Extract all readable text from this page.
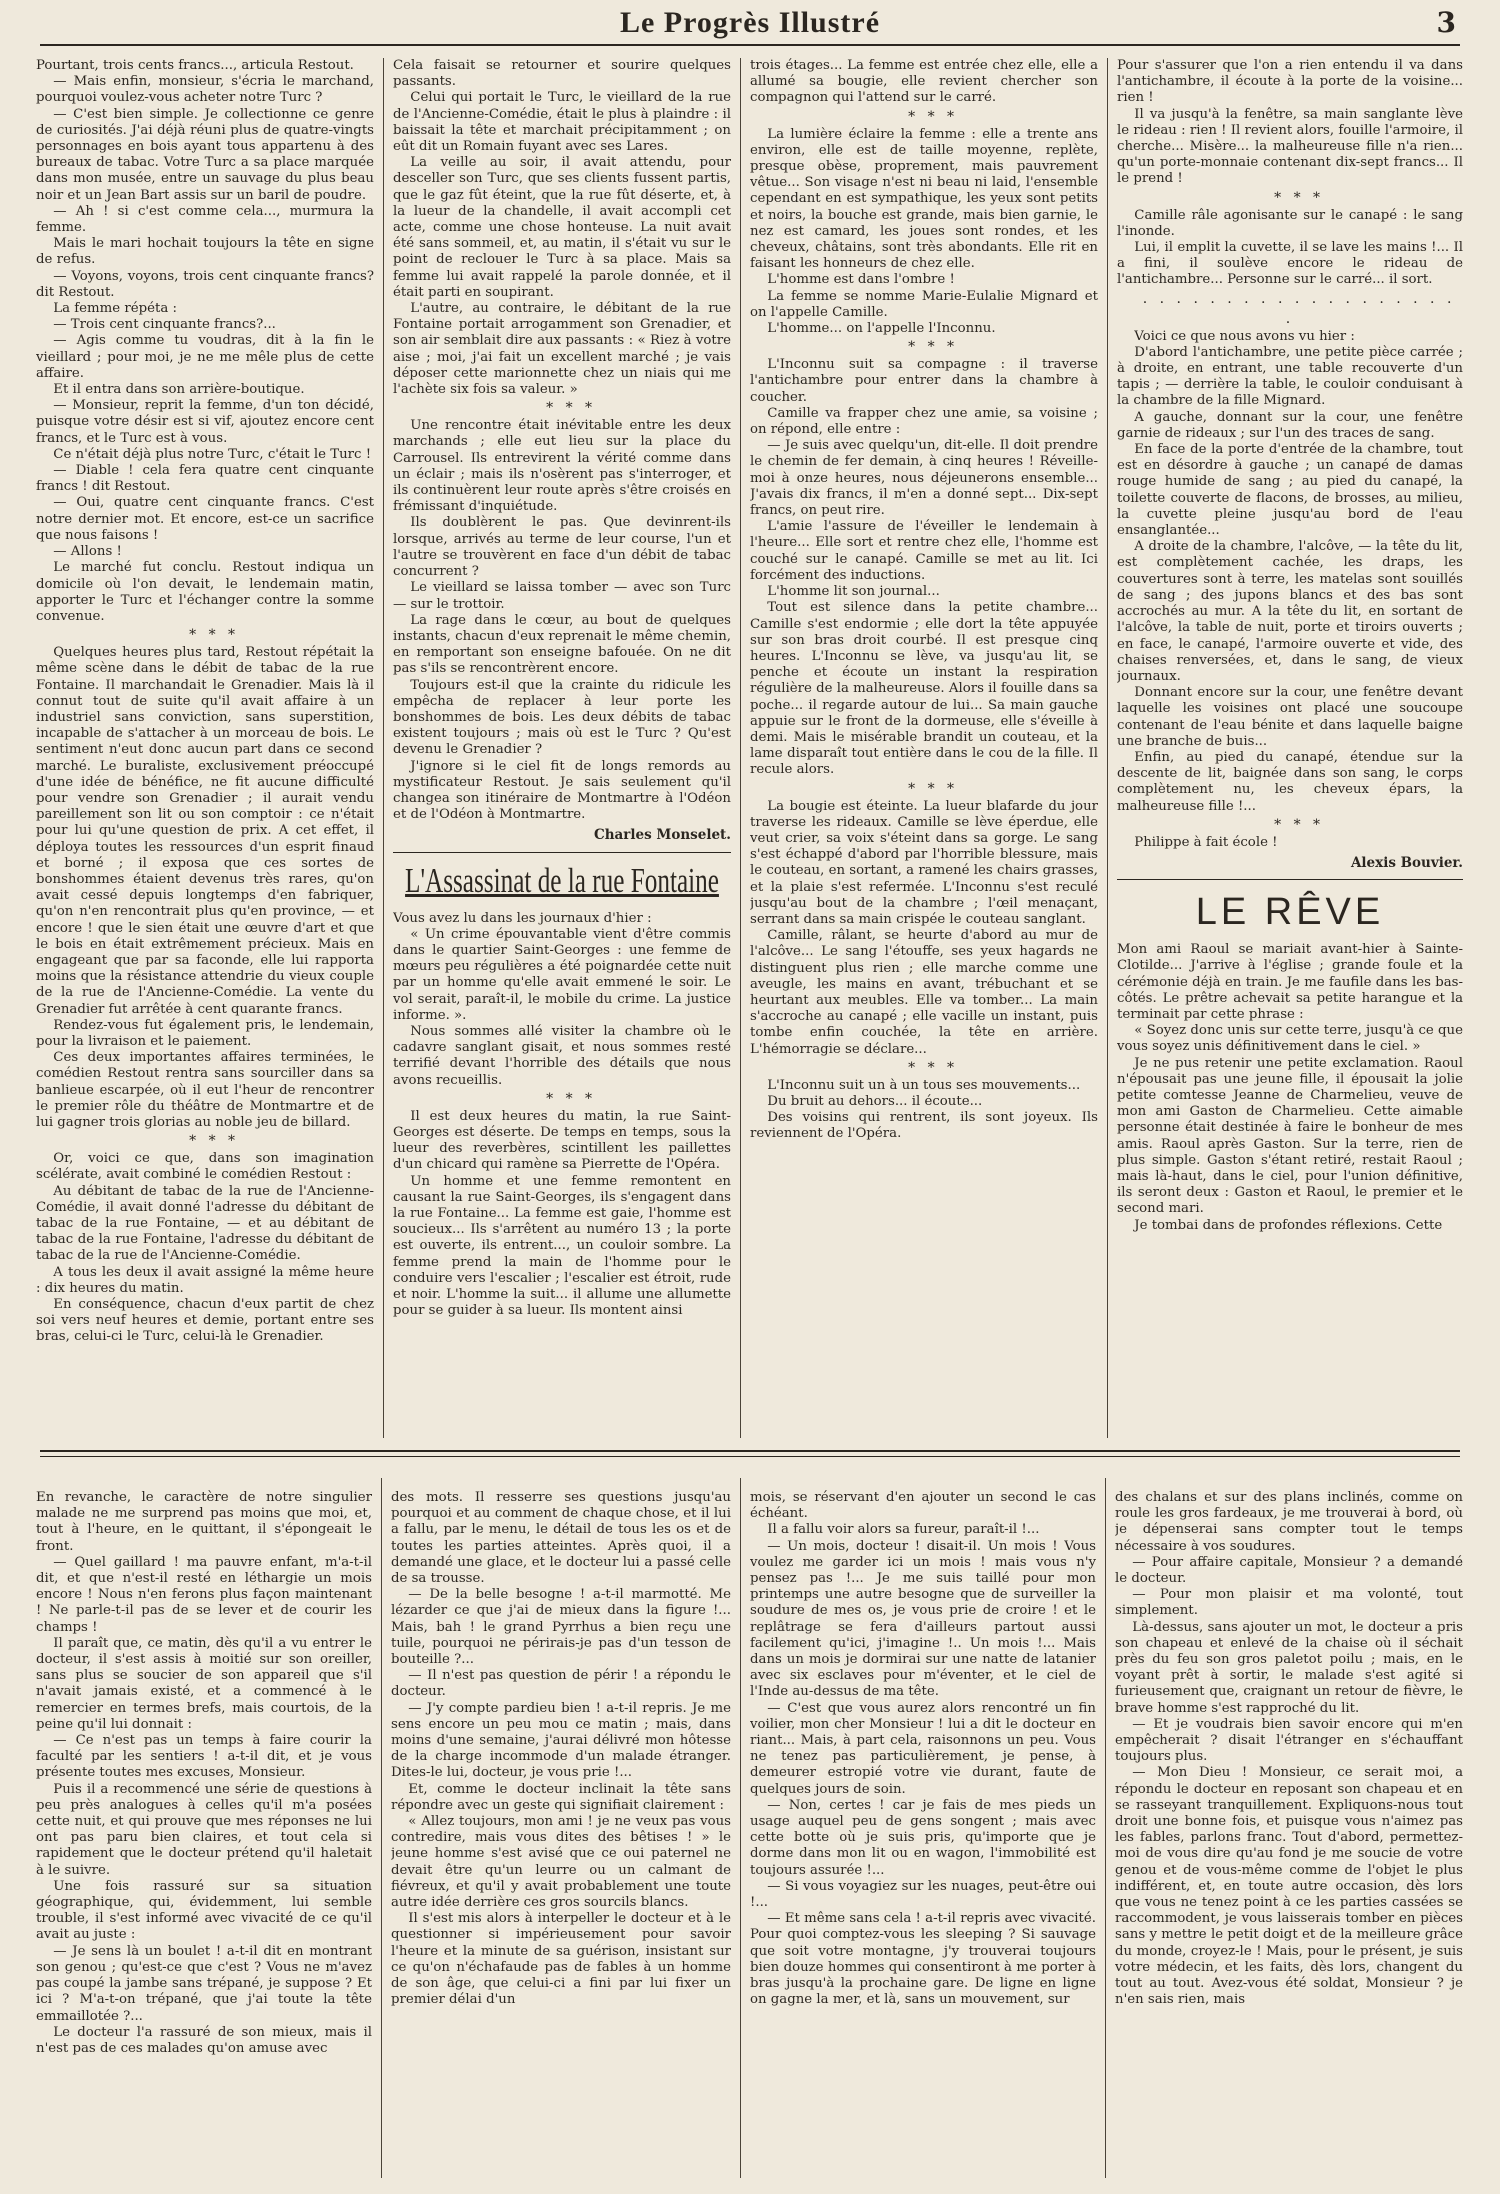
Le Progrès Illustré	3

Pourtant, trois cents francs..., articula Restout.

— Mais enfin, monsieur, s'écria le marchand, pourquoi voulez-vous acheter notre Turc ?

— C'est bien simple. Je collectionne ce genre de curiosités. J'ai déjà réuni plus de quatre-vingts personnages en bois ayant tous appartenu à des bureaux de tabac. Votre Turc a sa place marquée dans mon musée, entre un sauvage du plus beau noir et un Jean Bart assis sur un baril de poudre.

— Ah ! si c'est comme cela..., murmura la femme.

Mais le mari hochait toujours la tête en signe de refus.

— Voyons, voyons, trois cent cinquante francs? dit Restout.

La femme répéta :

— Trois cent cinquante francs?...

— Agis comme tu voudras, dit à la fin le vieillard ; pour moi, je ne me mêle plus de cette affaire.

Et il entra dans son arrière-boutique.

— Monsieur, reprit la femme, d'un ton décidé, puisque votre désir est si vif, ajoutez encore cent francs, et le Turc est à vous.

Ce n'était déjà plus notre Turc, c'était le Turc !

— Diable ! cela fera quatre cent cinquante francs ! dit Restout.

— Oui, quatre cent cinquante francs. C'est notre dernier mot. Et encore, est-ce un sacrifice que nous faisons !

— Allons !

Le marché fut conclu. Restout indiqua un domicile où l'on devait, le lendemain matin, apporter le Turc et l'échanger contre la somme convenue.

* * *

Quelques heures plus tard, Restout répétait la même scène dans le débit de tabac de la rue Fontaine. Il marchandait le Grenadier. Mais là il connut tout de suite qu'il avait affaire à un industriel sans conviction, sans superstition, incapable de s'attacher à un morceau de bois. Le sentiment n'eut donc aucun part dans ce second marché. Le buraliste, exclusivement préoccupé d'une idée de bénéfice, ne fit aucune difficulté pour vendre son Grenadier ; il aurait vendu pareillement son lit ou son comptoir : ce n'était pour lui qu'une question de prix. A cet effet, il déploya toutes les ressources d'un esprit finaud et borné ; il exposa que ces sortes de bonshommes étaient devenus très rares, qu'on avait cessé depuis longtemps d'en fabriquer, qu'on n'en rencontrait plus qu'en province, — et encore ! que le sien était une œuvre d'art et que le bois en était extrêmement précieux. Mais en engageant que par sa faconde, elle lui rapporta moins que la résistance attendrie du vieux couple de la rue de l'Ancienne-Comédie. La vente du Grenadier fut arrêtée à cent quarante francs.

Rendez-vous fut également pris, le lendemain, pour la livraison et le paiement.

Ces deux importantes affaires terminées, le comédien Restout rentra sans sourciller dans sa banlieue escarpée, où il eut l'heur de rencontrer le premier rôle du théâtre de Montmartre et de lui gagner trois glorias au noble jeu de billard.

* * *

Or, voici ce que, dans son imagination scélérate, avait combiné le comédien Restout :

Au débitant de tabac de la rue de l'Ancienne-Comédie, il avait donné l'adresse du débitant de tabac de la rue Fontaine, — et au débitant de tabac de la rue Fontaine, l'adresse du débitant de tabac de la rue de l'Ancienne-Comédie.

A tous les deux il avait assigné la même heure : dix heures du matin.

En conséquence, chacun d'eux partit de chez soi vers neuf heures et demie, portant entre ses bras, celui-ci le Turc, celui-là le Grenadier.

Cela faisait se retourner et sourire quelques passants.

Celui qui portait le Turc, le vieillard de la rue de l'Ancienne-Comédie, était le plus à plaindre : il baissait la tête et marchait précipitamment ; on eût dit un Romain fuyant avec ses Lares.

La veille au soir, il avait attendu, pour desceller son Turc, que ses clients fussent partis, que le gaz fût éteint, que la rue fût déserte, et, à la lueur de la chandelle, il avait accompli cet acte, comme une chose honteuse. La nuit avait été sans sommeil, et, au matin, il s'était vu sur le point de reclouer le Turc à sa place. Mais sa femme lui avait rappelé la parole donnée, et il était parti en soupirant.

L'autre, au contraire, le débitant de la rue Fontaine portait arrogamment son Grenadier, et son air semblait dire aux passants : « Riez à votre aise ; moi, j'ai fait un excellent marché ; je vais déposer cette marionnette chez un niais qui me l'achète six fois sa valeur. »

* * *

Une rencontre était inévitable entre les deux marchands ; elle eut lieu sur la place du Carrousel. Ils entrevirent la vérité comme dans un éclair ; mais ils n'osèrent pas s'interroger, et ils continuèrent leur route après s'être croisés en frémissant d'inquiétude.

Ils doublèrent le pas. Que devinrent-ils lorsque, arrivés au terme de leur course, l'un et l'autre se trouvèrent en face d'un débit de tabac concurrent ?

Le vieillard se laissa tomber — avec son Turc — sur le trottoir.

La rage dans le cœur, au bout de quelques instants, chacun d'eux reprenait le même chemin, en remportant son enseigne bafouée. On ne dit pas s'ils se rencontrèrent encore.

Toujours est-il que la crainte du ridicule les empêcha de replacer à leur porte les bonshommes de bois. Les deux débits de tabac existent toujours ; mais où est le Turc ? Qu'est devenu le Grenadier ?

J'ignore si le ciel fit de longs remords au mystificateur Restout. Je sais seulement qu'il changea son itinéraire de Montmartre à l'Odéon et de l'Odéon à Montmartre.

Charles Monselet.

L'Assassinat de la rue Fontaine

Vous avez lu dans les journaux d'hier :

« Un crime épouvantable vient d'être commis dans le quartier Saint-Georges : une femme de mœurs peu régulières a été poignardée cette nuit par un homme qu'elle avait emmené le soir. Le vol serait, paraît-il, le mobile du crime. La justice informe. ».

Nous sommes allé visiter la chambre où le cadavre sanglant gisait, et nous sommes resté terrifié devant l'horrible des détails que nous avons recueillis.

* * *

Il est deux heures du matin, la rue Saint-Georges est déserte. De temps en temps, sous la lueur des reverbères, scintillent les paillettes d'un chicard qui ramène sa Pierrette de l'Opéra.

Un homme et une femme remontent en causant la rue Saint-Georges, ils s'engagent dans la rue Fontaine... La femme est gaie, l'homme est soucieux... Ils s'arrêtent au numéro 13 ; la porte est ouverte, ils entrent..., un couloir sombre. La femme prend la main de l'homme pour le conduire vers l'escalier ; l'escalier est étroit, rude et noir. L'homme la suit... il allume une allumette pour se guider à sa lueur. Ils montent ainsi

trois étages... La femme est entrée chez elle, elle a allumé sa bougie, elle revient chercher son compagnon qui l'attend sur le carré.

* * *

La lumière éclaire la femme : elle a trente ans environ, elle est de taille moyenne, replète, presque obèse, proprement, mais pauvrement vêtue... Son visage n'est ni beau ni laid, l'ensemble cependant en est sympathique, les yeux sont petits et noirs, la bouche est grande, mais bien garnie, le nez est camard, les joues sont rondes, et les cheveux, châtains, sont très abondants. Elle rit en faisant les honneurs de chez elle.

L'homme est dans l'ombre !

La femme se nomme Marie-Eulalie Mignard et on l'appelle Camille.

L'homme... on l'appelle l'Inconnu.

* * *

L'Inconnu suit sa compagne : il traverse l'antichambre pour entrer dans la chambre à coucher.

Camille va frapper chez une amie, sa voisine ; on répond, elle entre :

— Je suis avec quelqu'un, dit-elle. Il doit prendre le chemin de fer demain, à cinq heures ! Réveille-moi à onze heures, nous déjeunerons ensemble... J'avais dix francs, il m'en a donné sept... Dix-sept francs, on peut rire.

L'amie l'assure de l'éveiller le lendemain à l'heure... Elle sort et rentre chez elle, l'homme est couché sur le canapé. Camille se met au lit. Ici forcément des inductions.

L'homme lit son journal...

Tout est silence dans la petite chambre... Camille s'est endormie ; elle dort la tête appuyée sur son bras droit courbé. Il est presque cinq heures. L'Inconnu se lève, va jusqu'au lit, se penche et écoute un instant la respiration régulière de la malheureuse. Alors il fouille dans sa poche... il regarde autour de lui... Sa main gauche appuie sur le front de la dormeuse, elle s'éveille à demi. Mais le misérable brandit un couteau, et la lame disparaît tout entière dans le cou de la fille. Il recule alors.

* * *

La bougie est éteinte. La lueur blafarde du jour traverse les rideaux. Camille se lève éperdue, elle veut crier, sa voix s'éteint dans sa gorge. Le sang s'est échappé d'abord par l'horrible blessure, mais le couteau, en sortant, a ramené les chairs grasses, et la plaie s'est refermée. L'Inconnu s'est reculé jusqu'au bout de la chambre ; l'œil menaçant, serrant dans sa main crispée le couteau sanglant.

Camille, râlant, se heurte d'abord au mur de l'alcôve... Le sang l'étouffe, ses yeux hagards ne distinguent plus rien ; elle marche comme une aveugle, les mains en avant, trébuchant et se heurtant aux meubles. Elle va tomber... La main s'accroche au canapé ; elle vacille un instant, puis tombe enfin couchée, la tête en arrière. L'hémorragie se déclare...

* * *

L'Inconnu suit un à un tous ses mouvements...

Du bruit au dehors... il écoute...

Des voisins qui rentrent, ils sont joyeux. Ils reviennent de l'Opéra.

Pour s'assurer que l'on a rien entendu il va dans l'antichambre, il écoute à la porte de la voisine... rien !

Il va jusqu'à la fenêtre, sa main sanglante lève le rideau : rien ! Il revient alors, fouille l'armoire, il cherche... Misère... la malheureuse fille n'a rien... qu'un porte-monnaie contenant dix-sept francs... Il le prend !

* * *

Camille râle agonisante sur le canapé : le sang l'inonde.

Lui, il emplit la cuvette, il se lave les mains !... Il a fini, il soulève encore le rideau de l'antichambre... Personne sur le carré... il sort.

. . . . . . . . . . . . . . . . . . . .

Voici ce que nous avons vu hier :

D'abord l'antichambre, une petite pièce carrée ; à droite, en entrant, une table recouverte d'un tapis ; — derrière la table, le couloir conduisant à la chambre de la fille Mignard.

A gauche, donnant sur la cour, une fenêtre garnie de rideaux ; sur l'un des traces de sang.

En face de la porte d'entrée de la chambre, tout est en désordre à gauche ; un canapé de damas rouge humide de sang ; au pied du canapé, la toilette couverte de flacons, de brosses, au milieu, la cuvette pleine jusqu'au bord de l'eau ensanglantée...

A droite de la chambre, l'alcôve, — la tête du lit, est complètement cachée, les draps, les couvertures sont à terre, les matelas sont souillés de sang ; des jupons blancs et des bas sont accrochés au mur. A la tête du lit, en sortant de l'alcôve, la table de nuit, porte et tiroirs ouverts ; en face, le canapé, l'armoire ouverte et vide, des chaises renversées, et, dans le sang, de vieux journaux.

Donnant encore sur la cour, une fenêtre devant laquelle les voisines ont placé une soucoupe contenant de l'eau bénite et dans laquelle baigne une branche de buis...

Enfin, au pied du canapé, étendue sur la descente de lit, baignée dans son sang, le corps complètement nu, les cheveux épars, la malheureuse fille !...

* * *

Philippe à fait école !

Alexis Bouvier.

LE RÊVE

Mon ami Raoul se mariait avant-hier à Sainte-Clotilde... J'arrive à l'église ; grande foule et la cérémonie déjà en train. Je me faufile dans les bas-côtés. Le prêtre achevait sa petite harangue et la terminait par cette phrase :

« Soyez donc unis sur cette terre, jusqu'à ce que vous soyez unis définitivement dans le ciel. »

Je ne pus retenir une petite exclamation. Raoul n'épousait pas une jeune fille, il épousait la jolie petite comtesse Jeanne de Charmelieu, veuve de mon ami Gaston de Charmelieu. Cette aimable personne était destinée à faire le bonheur de mes amis. Raoul après Gaston. Sur la terre, rien de plus simple. Gaston s'étant retiré, restait Raoul ; mais là-haut, dans le ciel, pour l'union définitive, ils seront deux : Gaston et Raoul, le premier et le second mari.

Je tombai dans de profondes réflexions. Cette

En revanche, le caractère de notre singulier malade ne me surprend pas moins que moi, et, tout à l'heure, en le quittant, il s'épongeait le front.

— Quel gaillard ! ma pauvre enfant, m'a-t-il dit, et que n'est-il resté en léthargie un mois encore ! Nous n'en ferons plus façon maintenant ! Ne parle-t-il pas de se lever et de courir les champs !

Il paraît que, ce matin, dès qu'il a vu entrer le docteur, il s'est assis à moitié sur son oreiller, sans plus se soucier de son appareil que s'il n'avait jamais existé, et a commencé à le remercier en termes brefs, mais courtois, de la peine qu'il lui donnait :

— Ce n'est pas un temps à faire courir la faculté par les sentiers ! a-t-il dit, et je vous présente toutes mes excuses, Monsieur.

Puis il a recommencé une série de questions à peu près analogues à celles qu'il m'a posées cette nuit, et qui prouve que mes réponses ne lui ont pas paru bien claires, et tout cela si rapidement que le docteur prétend qu'il haletait à le suivre.

Une fois rassuré sur sa situation géographique, qui, évidemment, lui semble trouble, il s'est informé avec vivacité de ce qu'il avait au juste :

— Je sens là un boulet ! a-t-il dit en montrant son genou ; qu'est-ce que c'est ? Vous ne m'avez pas coupé la jambe sans trépané, je suppose ? Et ici ? M'a-t-on trépané, que j'ai toute la tête emmaillotée ?...

Le docteur l'a rassuré de son mieux, mais il n'est pas de ces malades qu'on amuse avec

des mots. Il resserre ses questions jusqu'au pourquoi et au comment de chaque chose, et il lui a fallu, par le menu, le détail de tous les os et de toutes les parties atteintes. Après quoi, il a demandé une glace, et le docteur lui a passé celle de sa trousse.

— De la belle besogne ! a-t-il marmotté. Me lézarder ce que j'ai de mieux dans la figure !... Mais, bah ! le grand Pyrrhus a bien reçu une tuile, pourquoi ne périrais-je pas d'un tesson de bouteille ?...

— Il n'est pas question de périr ! a répondu le docteur.

— J'y compte pardieu bien ! a-t-il repris. Je me sens encore un peu mou ce matin ; mais, dans moins d'une semaine, j'aurai délivré mon hôtesse de la charge incommode d'un malade étranger. Dites-le lui, docteur, je vous prie !...

Et, comme le docteur inclinait la tête sans répondre avec un geste qui signifiait clairement :

« Allez toujours, mon ami ! je ne veux pas vous contredire, mais vous dites des bêtises ! » le jeune homme s'est avisé que ce oui paternel ne devait être qu'un leurre ou un calmant de fiévreux, et qu'il y avait probablement une toute autre idée derrière ces gros sourcils blancs.

Il s'est mis alors à interpeller le docteur et à le questionner si impérieusement pour savoir l'heure et la minute de sa guérison, insistant sur ce qu'on n'échafaude pas de fables à un homme de son âge, que celui-ci a fini par lui fixer un premier délai d'un

mois, se réservant d'en ajouter un second le cas échéant.

Il a fallu voir alors sa fureur, paraît-il !...

— Un mois, docteur ! disait-il. Un mois ! Vous voulez me garder ici un mois ! mais vous n'y pensez pas !... Je me suis taillé pour mon printemps une autre besogne que de surveiller la soudure de mes os, je vous prie de croire ! et le replâtrage se fera d'ailleurs partout aussi facilement qu'ici, j'imagine !.. Un mois !... Mais dans un mois je dormirai sur une natte de latanier avec six esclaves pour m'éventer, et le ciel de l'Inde au-dessus de ma tête.

— C'est que vous aurez alors rencontré un fin voilier, mon cher Monsieur ! lui a dit le docteur en riant... Mais, à part cela, raisonnons un peu. Vous ne tenez pas particulièrement, je pense, à demeurer estropié votre vie durant, faute de quelques jours de soin.

— Non, certes ! car je fais de mes pieds un usage auquel peu de gens songent ; mais avec cette botte où je suis pris, qu'importe que je dorme dans mon lit ou en wagon, l'immobilité est toujours assurée !...

— Si vous voyagiez sur les nuages, peut-être oui !...

— Et même sans cela ! a-t-il repris avec vivacité. Pour quoi comptez-vous les sleeping ? Si sauvage que soit votre montagne, j'y trouverai toujours bien douze hommes qui consentiront à me porter à bras jusqu'à la prochaine gare. De ligne en ligne on gagne la mer, et là, sans un mouvement, sur

des chalans et sur des plans inclinés, comme on roule les gros fardeaux, je me trouverai à bord, où je dépenserai sans compter tout le temps nécessaire à vos soudures.

— Pour affaire capitale, Monsieur ? a demandé le docteur.

— Pour mon plaisir et ma volonté, tout simplement.

Là-dessus, sans ajouter un mot, le docteur a pris son chapeau et enlevé de la chaise où il séchait près du feu son gros paletot poilu ; mais, en le voyant prêt à sortir, le malade s'est agité si furieusement que, craignant un retour de fièvre, le brave homme s'est rapproché du lit.

— Et je voudrais bien savoir encore qui m'en empêcherait ? disait l'étranger en s'échauffant toujours plus.

— Mon Dieu ! Monsieur, ce serait moi, a répondu le docteur en reposant son chapeau et en se rasseyant tranquillement. Expliquons-nous tout droit une bonne fois, et puisque vous n'aimez pas les fables, parlons franc. Tout d'abord, permettez-moi de vous dire qu'au fond je me soucie de votre genou et de vous-même comme de l'objet le plus indifférent, et, en toute autre occasion, dès lors que vous ne tenez point à ce les parties cassées se raccommodent, je vous laisserais tomber en pièces sans y mettre le petit doigt et de la meilleure grâce du monde, croyez-le ! Mais, pour le présent, je suis votre médecin, et les faits, dès lors, changent du tout au tout. Avez-vous été soldat, Monsieur ? je n'en sais rien, mais
